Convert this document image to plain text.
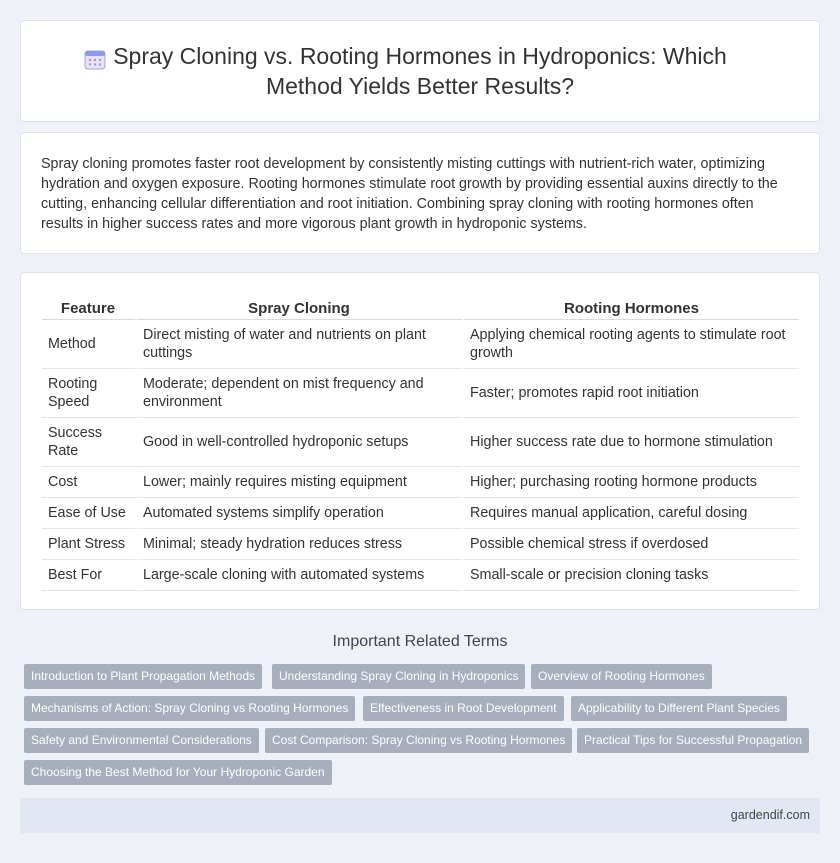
Spray Cloning vs. Rooting Hormones in Hydroponics: Which
Method Yields Better Results?

Spray cloning promotes faster root development by consistently misting cuttings with nutrient-rich water, optimizing hydration and oxygen exposure. Rooting hormones stimulate root growth by providing essential auxins directly to the cutting, enhancing cellular differentiation and root initiation. Combining spray cloning with rooting hormones often results in higher success rates and more vigorous plant growth in hydroponic systems.

Feature	Spray Cloning	Rooting Hormones
Method	Direct misting of water and nutrients on plant cuttings	Applying chemical rooting agents to stimulate root growth
Rooting Speed	Moderate; dependent on mist frequency and environment	Faster; promotes rapid root initiation
Success Rate	Good in well-controlled hydroponic setups	Higher success rate due to hormone stimulation
Cost	Lower; mainly requires misting equipment	Higher; purchasing rooting hormone products
Ease of Use	Automated systems simplify operation	Requires manual application, careful dosing
Plant Stress	Minimal; steady hydration reduces stress	Possible chemical stress if overdosed
Best For	Large-scale cloning with automated systems	Small-scale or precision cloning tasks
Important Related Terms
Introduction to Plant Propagation Methods	Understanding Spray Cloning in Hydroponics	Overview of Rooting Hormones
Mechanisms of Action: Spray Cloning vs Rooting Hormones	Effectiveness in Root Development	Applicability to Different Plant Species
Safety and Environmental Considerations	Cost Comparison: Spray Cloning vs Rooting Hormones	Practical Tips for Successful Propagation
Choosing the Best Method for Your Hydroponic Garden
gardendif.com
